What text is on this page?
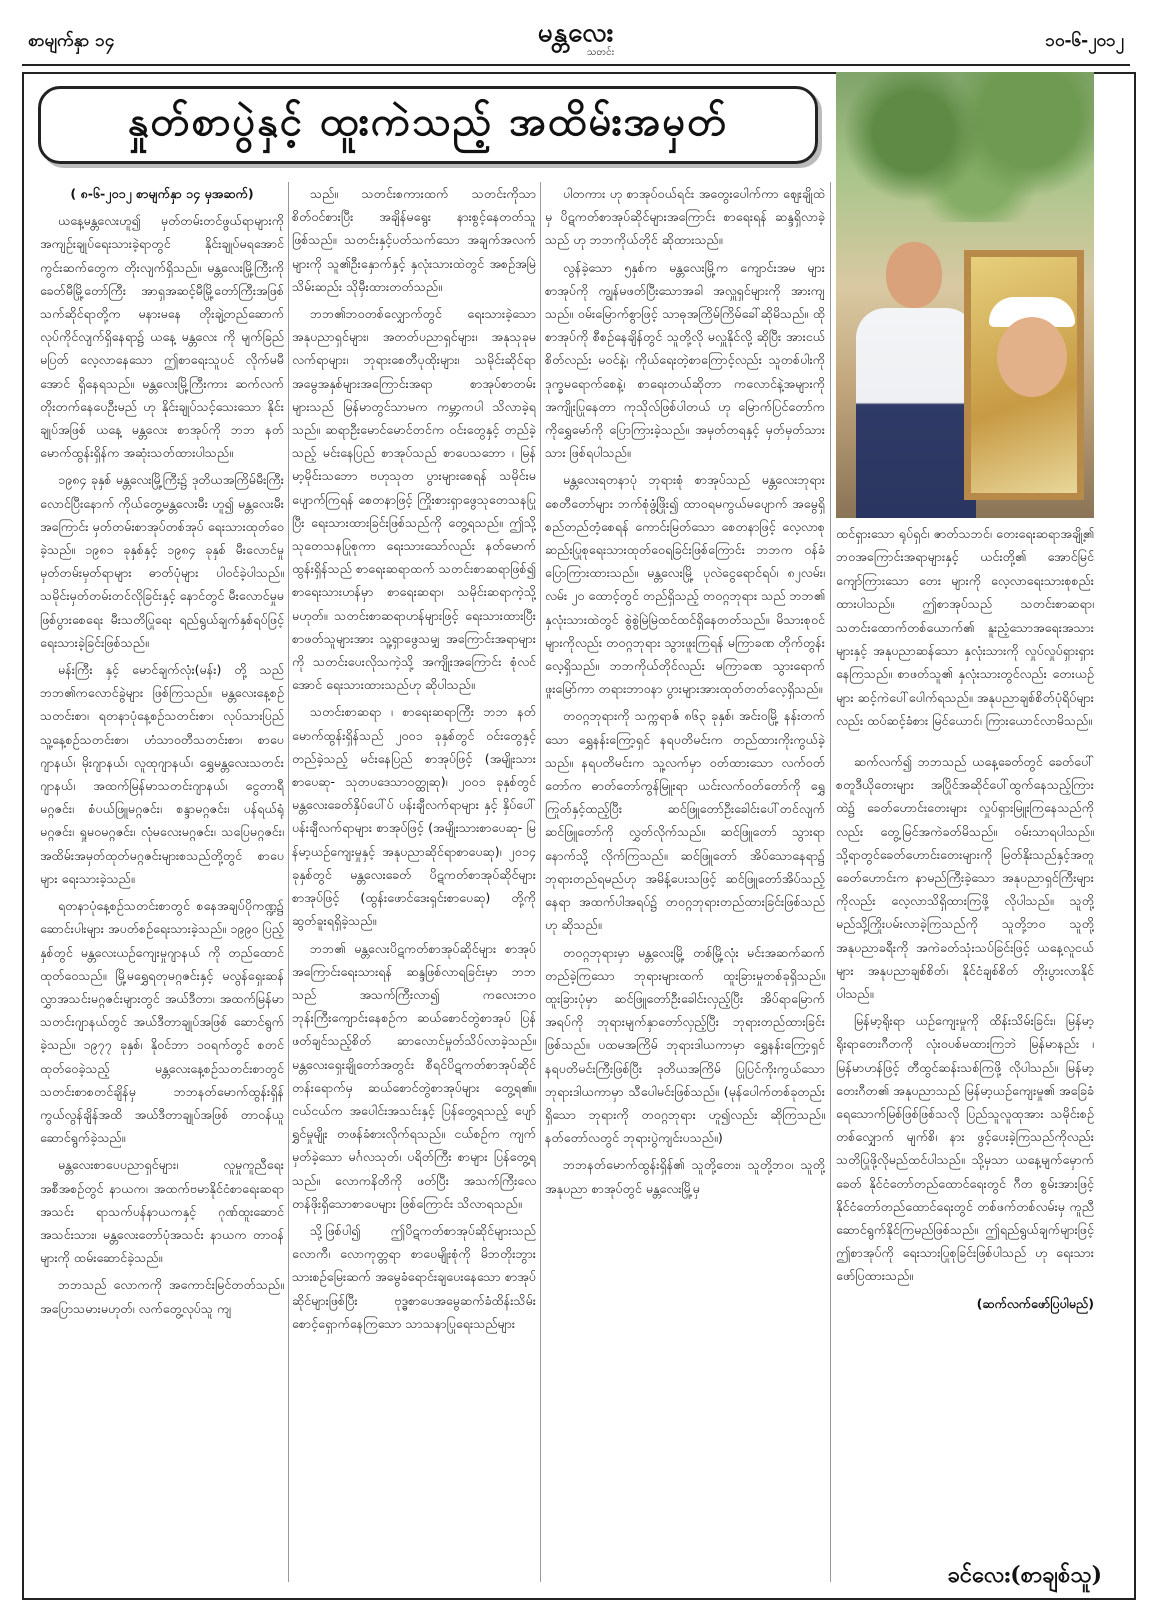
စာမျက်နှာ ၁၄	မန္တလေး
သတင်း
၁၀-၆-၂၀၁၂
နှုတ်စာပွဲနှင့် ထူးကဲသည့် အထိမ်းအမှတ်
ထင်ရှားသော ရုပ်ရှင်၊ ဇာတ်သဘင်၊ တေးရေးဆရာအချို့၏ ဘဝအကြောင်းအရာများနှင့် ယင်းတို့၏ အောင်မြင်ကျော်ကြားသော တေး များကို လေ့လာရေးသားစုစည်းထားပါသည်။ ဤစာအုပ်သည် သတင်းစာဆရာ၊ သတင်းထောက်တစ်ယောက်၏ နူးညံ့သောအရေးအသားများနှင့် အနုပညာဆန်သော နှလုံးသားကို လှုပ်လှုပ်ရှားရှားနေကြသည်။ စာဖတ်သူ၏ နှလုံးသားတွင်လည်း တေးယဉ်များ ဆင့်ကဲပေါ်ပေါက်ရသည်။ အနုပညာချစ်စိတ်ပုံရိပ်များလည်း ထပ်ဆင့်ခံစား မြင်ယောင်၊ ကြားယောင်လာမိသည်။

( ၈-၆-၂၀၁၂ စာမျက်နှာ ၁၄ မှအဆက်)

ယနေ့မန္တလေးဟူ၍ မှတ်တမ်းတင်ဖွယ်ရာများကို အကျဉ်းချုပ်ရေးသားခဲ့ရာတွင် နိုင်းချုပ်မရအောင် ကွင်းဆက်တွေက တိုးလျက်ရှိသည်။ မန္တလေးမြို့ကြီးကို ခေတ်မီမြို့တော်ကြီး အာရှအဆင့်မီမြို့တော်ကြီးအဖြစ် သက်ဆိုင်ရာတို့က မနားမနေ တိုးချဲ့တည်ဆောက်လုပ်ကိုင်လျက်ရှိနေရာ၌ ယနေ့ မန္တလေး ကို မျက်ခြည်မပြတ် လေ့လာနေသော ဤစာရေးသူပင် လိုက်မမီအောင် ရှိနေရသည်။ မန္တလေးမြို့ကြီးကား ဆက်လက်တိုးတက်နေပေဦးမည် ဟု နိုင်းချုပ်သင့်သေးသော နိုင်းချုပ်အဖြစ် ယနေ့ မန္တလေး စာအုပ်ကို ဘဘ နတ်မောက်ထွန်းရှိန်က အဆုံးသတ်ထားပါသည်။

၁၉၈၄ ခုနှစ် မန္တလေးမြို့ကြီး၌ ဒုတိယအကြိမ်မီးကြီးလောင်ပြီးနောက် ကိုယ်တွေ့မန္တလေးမီး ဟူ၍ မန္တလေးမီးအကြောင်း မှတ်တမ်းစာအုပ်တစ်အုပ် ရေးသားထုတ်ဝေခဲ့သည်။ ၁၉၈၁ ခုနှစ်နှင့် ၁၉၈၄ ခုနှစ် မီးလောင်မှုမှတ်တမ်းမှတ်ရာများ ဓာတ်ပုံများ ပါဝင်ခဲ့ပါသည်။ သမိုင်းမှတ်တမ်းတင်လိုခြင်းနှင့် နောင်တွင် မီးလောင်မှုမဖြစ်ပွားစေရေး မီးသတိပြုရေး ရည်ရွယ်ချက်နှစ်ရပ်ဖြင့် ရေးသားခဲ့ခြင်းဖြစ်သည်။

မန်းကြီး နှင့် မောင်ချက်လုံး(မန်း) တို့ သည် ဘဘ၏ကလောင်ခွဲများ ဖြစ်ကြသည်။ မန္တလေးနေ့စဉ်သတင်းစာ၊ ရတနာပုံနေ့စဉ်သတင်းစာ၊ လုပ်သားပြည်သူ့နေ့စဉ်သတင်းစာ၊ ဟံသာဝတီသတင်းစာ၊ စာပေဂျာနယ်၊ မိုးဂျာနယ်၊ လူထုဂျာနယ်၊ ရွှေမန္တလေးသတင်းဂျာနယ်၊ အထက်မြန်မာသတင်းဂျာနယ်၊ ငွေတာရီမဂ္ဂဇင်း၊ စံပယ်ဖြူမဂ္ဂဇင်း၊ စန္ဒာမဂ္ဂဇင်း၊ ပန်ရယ်ရုံမဂ္ဂဇင်း၊ ရှုမဝမဂ္ဂဇင်း၊ လုံမလေးမဂ္ဂဇင်း၊ သပြေမဂ္ဂဇင်း၊ အထိမ်းအမှတ်ထုတ်မဂ္ဂဇင်းများစသည်တို့တွင် စာပေများ ရေးသားခဲ့သည်။

ရတနာပုံနေ့စဉ်သတင်းစာတွင် စနေအချပ်ပိုကဏ္ဍ၌ ဆောင်းပါးများ အပတ်စဉ်ရေးသားခဲ့သည်။ ၁၉၉၀ ပြည့်နှစ်တွင် မန္တလေးယဉ်ကျေးမှုဂျာနယ် ကို တည်ထောင်ထုတ်ဝေသည်။ မြို့မရွှေရတုမဂ္ဂဇင်းနှင့် မလွန်ရှေးဆန်လွှာအသင်းမဂ္ဂဇင်းများတွင် အယ်ဒီတာ၊ အထက်မြန်မာသတင်းဂျာနယ်တွင် အယ်ဒီတာချုပ်အဖြစ် ဆောင်ရွက်ခဲ့သည်။ ၁၉၇၇ ခုနှစ်၊ နိုဝင်ဘာ ၁၀ရက်တွင် စတင်ထုတ်ဝေခဲ့သည့် မန္တလေးနေ့စဉ်သတင်းစာတွင် သတင်းစာစတင်ချိန်မှ ဘဘနတ်မောက်ထွန်းရှိန် ကွယ်လွန်ချိန်အထိ အယ်ဒီတာချုပ်အဖြစ် တာဝန်ယူ ဆောင်ရွက်ခဲ့သည်။

မန္တလေးစာပေပညာရှင်များ၊ လူမှုကူညီရေး အစီအစဉ်တွင် နာယက၊ အထက်ဗမာနိုင်ငံစာရေးဆရာအသင်း ရာသက်ပန်နာယကနှင့် ဂုဏ်ထူးဆောင် အသင်းသား၊ မန္တလေးတော်ပုံအသင်း နာယက တာဝန်များကို ထမ်းဆောင်ခဲ့သည်။

ဘဘသည် လောကကို အကောင်းမြင်တတ်သည်။ အပြောသမားမဟုတ်၊ လက်တွေ့လုပ်သူ ကျ

သည်။ သတင်းစကားထက် သတင်းကိုသာ စိတ်ဝင်စားပြီး အချိန်မရွေး နားစွင့်နေတတ်သူ ဖြစ်သည်။ သတင်းနှင့်ပတ်သက်သော အချက်အလက်များကို သူ၏ဦးနှောက်နှင့် နှလုံးသားထဲတွင် အစဉ်အမြဲ သိမ်းဆည်း သိုမှီးထားတတ်သည်။

ဘဘ၏ဘဝတစ်လျှောက်တွင် ရေးသားခဲ့သော အနုပညာရှင်များ၊ အတတ်ပညာရှင်များ၊ အနုသုခုမလက်ရာများ၊ ဘုရားစေတီပုထိုးများ၊ သမိုင်းဆိုင်ရာအမွေအနှစ်များအကြောင်းအရာ စာအုပ်စာတမ်းများသည် မြန်မာတွင်သာမက ကမ္ဘာ့ကပါ သိလာခဲ့ရသည်။ ဆရာဦးမောင်မောင်တင်က ဝင်းတွေနှင့် တည်ခဲ့သည့် မင်းနေပြည် စာအုပ်သည် စာပေသဘော ၊ မြန်မာ့မိုင်းသဘော ဗဟုသုတ ပွားများစေရန် သမိုင်းမပျောက်ကြရန် စေတနာဖြင့် ကြိုးစားရှာဖွေသုတေသနပြုပြီး ရေးသားထားခြင်းဖြစ်သည်ကို တွေ့ရသည်။ ဤသို့ သုတေသနပြုစုကာ ရေးသားသော်လည်း နတ်မောက်ထွန်းရှိန်သည် စာရေးဆရာထက် သတင်းစာဆရာဖြစ်၍ စာရေးသားဟန်မှာ စာရေးဆရာ၊ သမိုင်းဆရာကဲ့သို့ မဟုတ်။ သတင်းစာဆရာဟန်များဖြင့် ရေးသားထားပြီး စာဖတ်သူများအား သူ့ရှာဖွေသမျှ အကြောင်းအရာများကို သတင်းပေးလိုသကဲ့သို့ အကျိုးအကြောင်း စုံလင်အောင် ရေးသားထားသည်ဟု ဆိုပါသည်။

သတင်းစာဆရာ ၊ စာရေးဆရာကြီး ဘဘ နတ်မောက်ထွန်းရှိန်သည် ၂၀၀၁ ခုနှစ်တွင် ဝင်းတွေနှင့်တည်ခဲ့သည့် မင်းနေပြည် စာအုပ်ဖြင့် (အမျိုးသားစာပေဆု- သုတပဒေသာဝတ္ထုဆု)၊ ၂၀၀၁ ခုနှစ်တွင် မန္တလေးခေတ်နှိပ်ပေါ်ပ် ပန်းချီလက်ရာများ နှင့် နှိပ်ပေါ် ပန်းချီလက်ရာများ စာအုပ်ဖြင့် (အမျိုးသားစာပေဆု- မြန်မာ့ယဉ်ကျေးမှုနှင့် အနုပညာဆိုင်ရာစာပေဆု)၊ ၂၀၁၄ ခုနှစ်တွင် မန္တလေးခေတ် ပိဋကတ်စာအုပ်ဆိုင်များ စာအုပ်ဖြင့် (ထွန်းဖောင်ဒေးရှင်းစာပေဆု) တို့ကို ဆွတ်ခူးရရှိခဲ့သည်။

ဘဘ၏ မန္တလေးပိဋကတ်စာအုပ်ဆိုင်များ စာအုပ်အကြောင်းရေးသားရန် ဆန္ဒဖြစ်လာရခြင်းမှာ ဘဘသည် အသက်ကြီးလာ၍ ကလေးဘဝ ဘုန်းကြီးကျောင်းနေစဉ်က ဆယ်စောင်တွဲစာအုပ် ပြန်ဖတ်ချင်သည့်စိတ် ဆာလောင်မှုတ်သိပ်လာခဲ့သည်။ မန္တလေးရှေးချိုတော်အတွင်း စီရင်ပိဋကတ်စာအုပ်ဆိုင်တန်းရောက်မှ ဆယ်စောင်တွဲစာအုပ်များ တွေ့ရ၏။ ငယ်ငယ်က အပေါင်းအသင်းနှင့် ပြန်တွေ့ရသည့် ပျော်ရွှင်မှုမျိုး တဖန်ခံစားလိုက်ရသည်။ ငယ်စဉ်က ကျက်မှတ်ခဲ့သော မင်္ဂလသုတ်၊ ပရိတ်ကြီး စာများ ပြန်တွေ့ရသည်။ လောကနိတိကို ဖတ်ပြီး အသက်ကြီးလေ တန်ဖိုးရှိသောစာပေများ ဖြစ်ကြောင်း သိလာရသည်။

သို့ဖြစ်ပါ၍ ဤပိဋကတ်စာအုပ်ဆိုင်များသည် လောကီ၊ လောကုတ္တရာ စာပေမျိုးစုံကို မိဘတိုးဘွား သားစဉ်မြေးဆက် အမွေခံရောင်းချပေးနေသော စာအုပ်ဆိုင်များဖြစ်ပြီး ဗုဒ္ဓစာပေအမွေဆက်ခံထိန်းသိမ်းစောင့်ရှောက်နေကြသော သာသနာပြုရေးသည်များ

ပါတကား ဟု စာအုပ်ဝယ်ရင်း အတွေးပေါက်ကာ ဈေးချိုထဲမှ ပိဋကတ်စာအုပ်ဆိုင်များအကြောင်း စာရေးရန် ဆန္ဒရှိလာခဲ့သည် ဟု ဘဘကိုယ်တိုင် ဆိုထားသည်။

လွန်ခဲ့သော ၅နှစ်က မန္တလေးမြို့က ကျောင်းအမ များ စာအုပ်ကို ကျွန်မဖတ်ပြီးသောအခါ အလှူရှင်များကို အားကျသည်။ ဝမ်းမြောက်စွာဖြင့် သာဓုအကြိမ်ကြိမ်ခေါ်ဆိုမိသည်။ ထိုစာအုပ်ကို စီစဉ်နေချိန်တွင် သူတို့လို မလှူနိုင်လို့ ဆိုပြီး အားငယ်စိတ်လည်း မဝင်နဲ့၊ ကိုယ်ရေးတဲ့စာကြောင့်လည်း သူတစ်ပါးကို ဒုက္ခမရောက်စေနဲ့၊ စာရေးတယ်ဆိုတာ ကလောင်နဲ့အများကို အကျိုးပြုနေတာ ကုသိုလ်ဖြစ်ပါတယ် ဟု မြောက်ပြင်တော်က ကိုရွှေမော်ကို ပြောကြားခဲ့သည်။ အမှတ်တရနှင့် မှတ်မှတ်သားသား ဖြစ်ရပါသည်။

မန္တလေးရတနာပုံ ဘုရားစုံ စာအုပ်သည် မန္တလေးဘုရားစေတီတော်များ ဘက်စုံဖွံ့ဖြိုး၍ ထာဝရမကွယ်မပျောက် အမွေရှိစည်တည်တံ့စေရန် ကောင်းမြတ်သော စေတနာဖြင့် လေ့လာစုဆည်းပြုစုရေးသားထုတ်ဝေရခြင်းဖြစ်ကြောင်း ဘဘက ဝန်ခံပြောကြားထားသည်။ မန္တလေးမြို့ ပုလဲငွေရောင်ရပ်၊ ၈၂လမ်း၊ လမ်း ၂၀ ထောင့်တွင် တည်ရှိသည့် တဝဂ္ဂဘုရား သည် ဘဘ၏ နှလုံးသားထဲတွင် စွဲစွဲမြဲမြဲထင်ထင်ရှိနေတတ်သည်။ မိသားစုဝင်များကိုလည်း တဝဂ္ဂဘုရား သွားဖူးကြရန် မကြာခဏ တိုက်တွန်းလေ့ရှိသည်။ ဘဘကိုယ်တိုင်လည်း မကြာခဏ သွားရောက်ဖူးမြော်ကာ တရားဘာဝနာ ပွားများအားထုတ်တတ်လေ့ရှိသည်။

တဝဂ္ဂဘုရားကို သက္ကရာဇ် ၈၆၃ ခုနှစ်၊ အင်းဝမြို့ နန်းတက်သော ရွှေနန်းကြော့ရှင် နရပတိမင်းက တည်ထားကိုးကွယ်ခဲ့သည်။ နရပတိမင်းက သူ့လက်မှာ ဝတ်ထားသော လက်ဝတ်တော်က ဓာတ်တော်ကွန်မြူးရာ ယင်းလက်ဝတ်တော်ကို ရွှေကြုတ်နှင့်ထည့်ပြီး ဆင်ဖြူတော်ဦးခေါင်းပေါ်တင်လျက် ဆင်ဖြူတော်ကို လွှတ်လိုက်သည်။ ဆင်ဖြူတော် သွားရာနောက်သို့ လိုက်ကြသည်။ ဆင်ဖြူတော် အိပ်သောနေရာ၌ ဘုရားတည်ရမည်ဟု အမိန့်ပေးသဖြင့် ဆင်ဖြူတော်အိပ်သည့်နေရာ အထက်ပါအရပ်၌ တဝဂ္ဂဘုရားတည်ထားခြင်းဖြစ်သည်ဟု ဆိုသည်။

တဝဂ္ဂဘုရားမှာ မန္တလေးမြို့ တစ်မြို့လုံး မင်းအဆက်ဆက်တည်ခဲ့ကြသော ဘုရားများထက် ထူးခြားမှုတစ်ခုရှိသည်။ ထူးခြားပုံမှာ ဆင်ဖြူတော်ဦးခေါင်းလှည့်ပြီး အိပ်ရာမြောက်အရပ်ကို ဘုရားမျက်နှာတော်လှည့်ပြီး ဘုရားတည်ထားခြင်းဖြစ်သည်။ ပထမအကြိမ် ဘုရားဒါယကာမှာ ရွှေနန်းကြော့ရှင် နရပတိမင်းကြီးဖြစ်ပြီး ဒုတိယအကြိမ် ပြုပြင်ကိုးကွယ်သော ဘုရားဒါယကာမှာ သီပေါမင်းဖြစ်သည်။ (မုန်ပေါက်တစ်ခုတည်းရှိသော ဘုရားကို တဝဂ္ဂဘုရား ဟူ၍လည်း ဆိုကြသည်။ နတ်တော်လတွင် ဘုရားပွဲကျင်းပသည်။)

ဘဘနတ်မောက်ထွန်းရှိန်၏ သူတို့တေး၊ သူတို့ဘဝ၊ သူတို့အနုပညာ စာအုပ်တွင် မန္တလေးမြို့မှ

ဆက်လက်၍ ဘဘသည် ယနေ့ခေတ်တွင် ခေတ်ပေါ်စတူဒီယိုတေးများ အပြိုင်အဆိုင်ပေါ်ထွက်နေသည့်ကြားထဲ၌ ခေတ်ဟောင်းတေးများ လှုပ်ရှားမြူးကြနေသည်ကိုလည်း တွေ့မြင်အကဲခတ်မိသည်။ ဝမ်းသာရပါသည်။ သို့ရာတွင်ခေတ်ဟောင်းတေးများကို မြတ်နိုးသည်နှင့်အတူ ခေတ်ဟောင်းက နာမည်ကြီးခဲ့သော အနုပညာရှင်ကြီးများကိုလည်း လေ့လာသိရှိထားကြဖို့ လိုပါသည်။ သူတို့ မည်သို့ကြိုးပမ်းလာခဲ့ကြသည်ကို သူတို့ဘဝ သူတို့အနုပညာခရီးကို အကဲခတ်သုံးသပ်ခြင်းဖြင့် ယနေ့လူငယ်များ အနုပညာချစ်စိတ်၊ နိုင်ငံချစ်စိတ် တိုးပွားလာနိုင်ပါသည်။

မြန်မာ့ရိုးရာ ယဉ်ကျေးမှုကို ထိန်းသိမ်းခြင်း၊ မြန်မာ့ရိုးရာတေးဂီတကို လုံးဝပစ်မထားကြဘဲ မြန်မာနည်း ၊ မြန်မာဟန်ဖြင့် တီထွင်ဆန်းသစ်ကြဖို့ လိုပါသည်။ မြန်မာ့တေးဂီတ၏ အနုပညာသည် မြန်မာ့ယဉ်ကျေးမှု၏ အခြေခံရေသောက်မြစ်ဖြစ်ဖြစ်သလို ပြည်သူလူထုအား သမိုင်းစဉ်တစ်လျှောက် မျက်စိ၊ နား ဖွင့်ပေးခဲ့ကြသည်ကိုလည်း သတိပြုဖို့လိုမည်ထင်ပါသည်။ သို့မှသာ ယနေ့မျက်မှောက်ခေတ် နိုင်ငံတော်တည်ထောင်ရေးတွင် ဂီတ စွမ်းအားဖြင့် နိုင်ငံတော်တည်ထောင်ရေးတွင် တစ်ဖက်တစ်လမ်းမှ ကူညီဆောင်ရွက်နိုင်ကြမည်ဖြစ်သည်။ ဤရည်ရွယ်ချက်များဖြင့် ဤစာအုပ်ကို ရေးသားပြုစုခြင်းဖြစ်ပါသည် ဟု ရေးသားဖော်ပြထားသည်။

(ဆက်လက်ဖော်ပြပါမည်)

ခင်လေး(စာချစ်သူ)
